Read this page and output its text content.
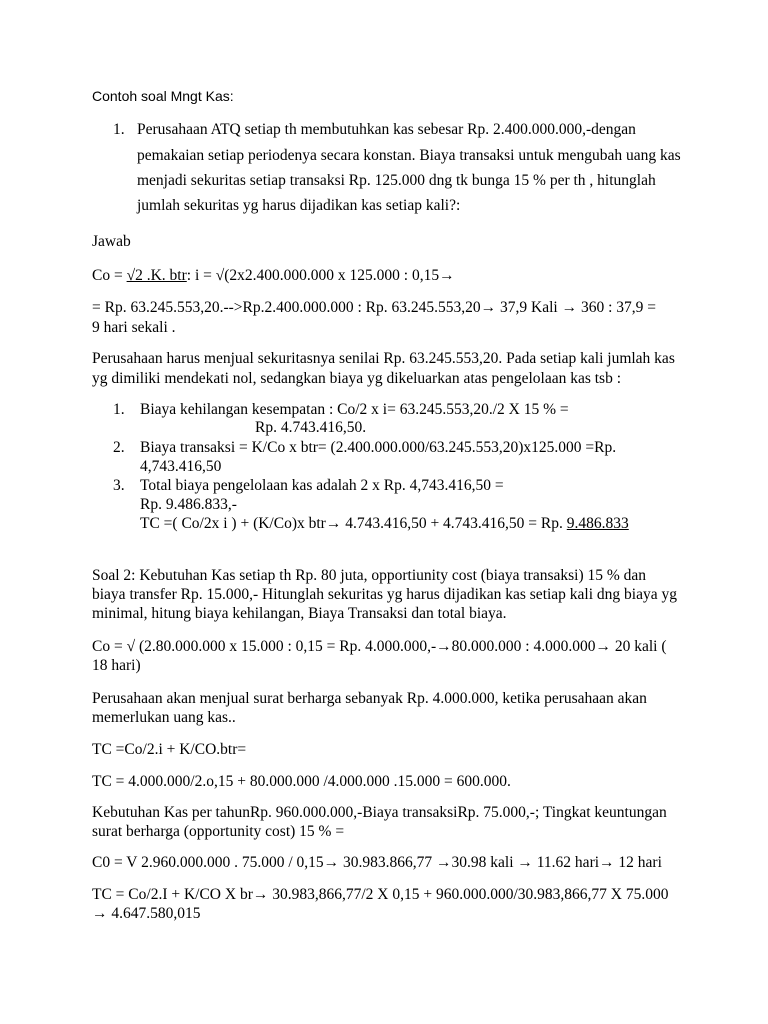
Contoh soal Mngt Kas:
1. Perusahaan ATQ setiap th membutuhkan kas sebesar Rp. 2.400.000.000,-dengan
pemakaian setiap periodenya secara konstan. Biaya transaksi untuk mengubah uang kas
menjadi sekuritas setiap transaksi Rp. 125.000 dng tk bunga 15 % per th , hitunglah
jumlah sekuritas yg harus dijadikan kas setiap kali?:
Jawab
Co = √2 .K. btr: i = √(2x2.400.000.000 x 125.000 : 0,15→
= Rp. 63.245.553,20.-->Rp.2.400.000.000 : Rp. 63.245.553,20→ 37,9 Kali → 360 : 37,9 =
9 hari sekali .
Perusahaan harus menjual sekuritasnya senilai Rp. 63.245.553,20. Pada setiap kali jumlah kas
yg dimiliki mendekati nol, sedangkan biaya yg dikeluarkan atas pengelolaan kas tsb :
1. Biaya kehilangan kesempatan : Co/2 x i= 63.245.553,20./2 X 15 % =
Rp. 4.743.416,50.
2. Biaya transaksi = K/Co x btr= (2.400.000.000/63.245.553,20)x125.000 =Rp.
4,743.416,50
3. Total biaya pengelolaan kas adalah 2 x Rp. 4,743.416,50 =
Rp. 9.486.833,-
TC =( Co/2x i ) + (K/Co)x btr→ 4.743.416,50 + 4.743.416,50 = Rp. 9.486.833
Soal 2: Kebutuhan Kas setiap th Rp. 80 juta, opportiunity cost (biaya transaksi) 15 % dan
biaya transfer Rp. 15.000,- Hitunglah sekuritas yg harus dijadikan kas setiap kali dng biaya yg
minimal, hitung biaya kehilangan, Biaya Transaksi dan total biaya.
Co = √ (2.80.000.000 x 15.000 : 0,15 = Rp. 4.000.000,-→80.000.000 : 4.000.000→ 20 kali (
18 hari)
Perusahaan akan menjual surat berharga sebanyak Rp. 4.000.000, ketika perusahaan akan
memerlukan uang kas..
TC =Co/2.i + K/CO.btr=
TC = 4.000.000/2.o,15 + 80.000.000 /4.000.000 .15.000 = 600.000.
Kebutuhan Kas per tahunRp. 960.000.000,-Biaya transaksiRp. 75.000,-; Tingkat keuntungan
surat berharga (opportunity cost) 15 % =
C0 = V 2.960.000.000 . 75.000 / 0,15→ 30.983.866,77 →30.98 kali → 11.62 hari→ 12 hari
TC = Co/2.I + K/CO X br→ 30.983,866,77/2 X 0,15 + 960.000.000/30.983,866,77 X 75.000
→ 4.647.580,015
